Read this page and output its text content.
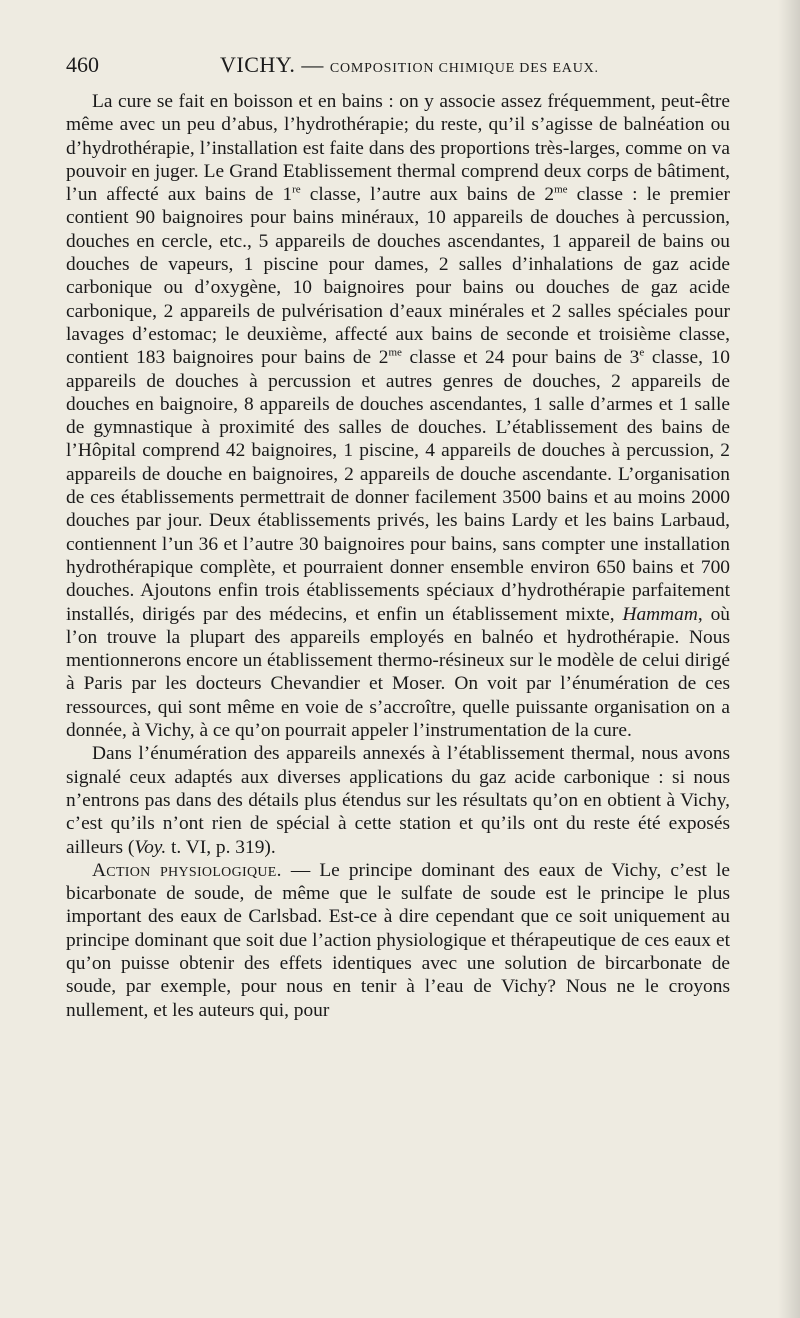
460	VICHY. — COMPOSITION CHIMIQUE DES EAUX.

La cure se fait en boisson et en bains : on y associe assez fréquemment, peut-être même avec un peu d’abus, l’hydrothérapie; du reste, qu’il s’agisse de balnéation ou d’hydrothérapie, l’installation est faite dans des proportions très-larges, comme on va pouvoir en juger. Le Grand Etablissement thermal comprend deux corps de bâtiment, l’un affecté aux bains de 1re classe, l’autre aux bains de $2^{me}$ classe : le premier contient 90 baignoires pour bains minéraux, 10 appareils de douches à percussion, douches en cercle, etc., 5 appareils de douches ascendantes, 1 appareil de bains ou douches de vapeurs, 1 piscine pour dames, 2 salles d’inhalations de gaz acide carbonique ou d’oxygène, 10 baignoires pour bains ou douches de gaz acide carbonique, 2 appareils de pulvérisation d’eaux minérales et 2 salles spéciales pour lavages d’estomac; le deuxième, affecté aux bains de seconde et troisième classe, contient 183 baignoires pour bains de $2^{me}$ classe et 24 pour bains de 3e classe, 10 appareils de douches à percussion et autres genres de douches, 2 appareils de douches en baignoire, 8 appareils de douches ascendantes, 1 salle d’armes et 1 salle de gymnastique à proximité des salles de douches. L’établissement des bains de l’Hôpital comprend 42 baignoires, 1 piscine, 4 appareils de douches à percussion, 2 appareils de douche en baignoires, 2 appareils de douche ascendante. L’organisation de ces établissements permettrait de donner facilement 3500 bains et au moins 2000 douches par jour. Deux établissements privés, les bains Lardy et les bains Larbaud, contiennent l’un 36 et l’autre 30 baignoires pour bains, sans compter une installation hydrothérapique complète, et pourraient donner ensemble environ 650 bains et 700 douches. Ajoutons enfin trois établissements spéciaux d’hydrothérapie parfaitement installés, dirigés par des médecins, et enfin un établissement mixte, Hammam, où l’on trouve la plupart des appareils employés en balnéo et hydrothérapie. Nous mentionnerons encore un établissement thermo-résineux sur le modèle de celui dirigé à Paris par les docteurs Chevandier et Moser. On voit par l’énumération de ces ressources, qui sont même en voie de s’accroître, quelle puissante organisation on a donnée, à Vichy, à ce qu’on pourrait appeler l’instrumentation de la cure.

Dans l’énumération des appareils annexés à l’établissement thermal, nous avons signalé ceux adaptés aux diverses applications du gaz acide carbonique : si nous n’entrons pas dans des détails plus étendus sur les résultats qu’on en obtient à Vichy, c’est qu’ils n’ont rien de spécial à cette station et qu’ils ont du reste été exposés ailleurs (Voy. t. VI, p. 319).

Action physiologique. — Le principe dominant des eaux de Vichy, c’est le bicarbonate de soude, de même que le sulfate de soude est le principe le plus important des eaux de Carlsbad. Est-ce à dire cependant que ce soit uniquement au principe dominant que soit due l’action physiologique et thérapeutique de ces eaux et qu’on puisse obtenir des effets identiques avec une solution de bircarbonate de soude, par exemple, pour nous en tenir à l’eau de Vichy? Nous ne le croyons nullement, et les auteurs qui, pour
